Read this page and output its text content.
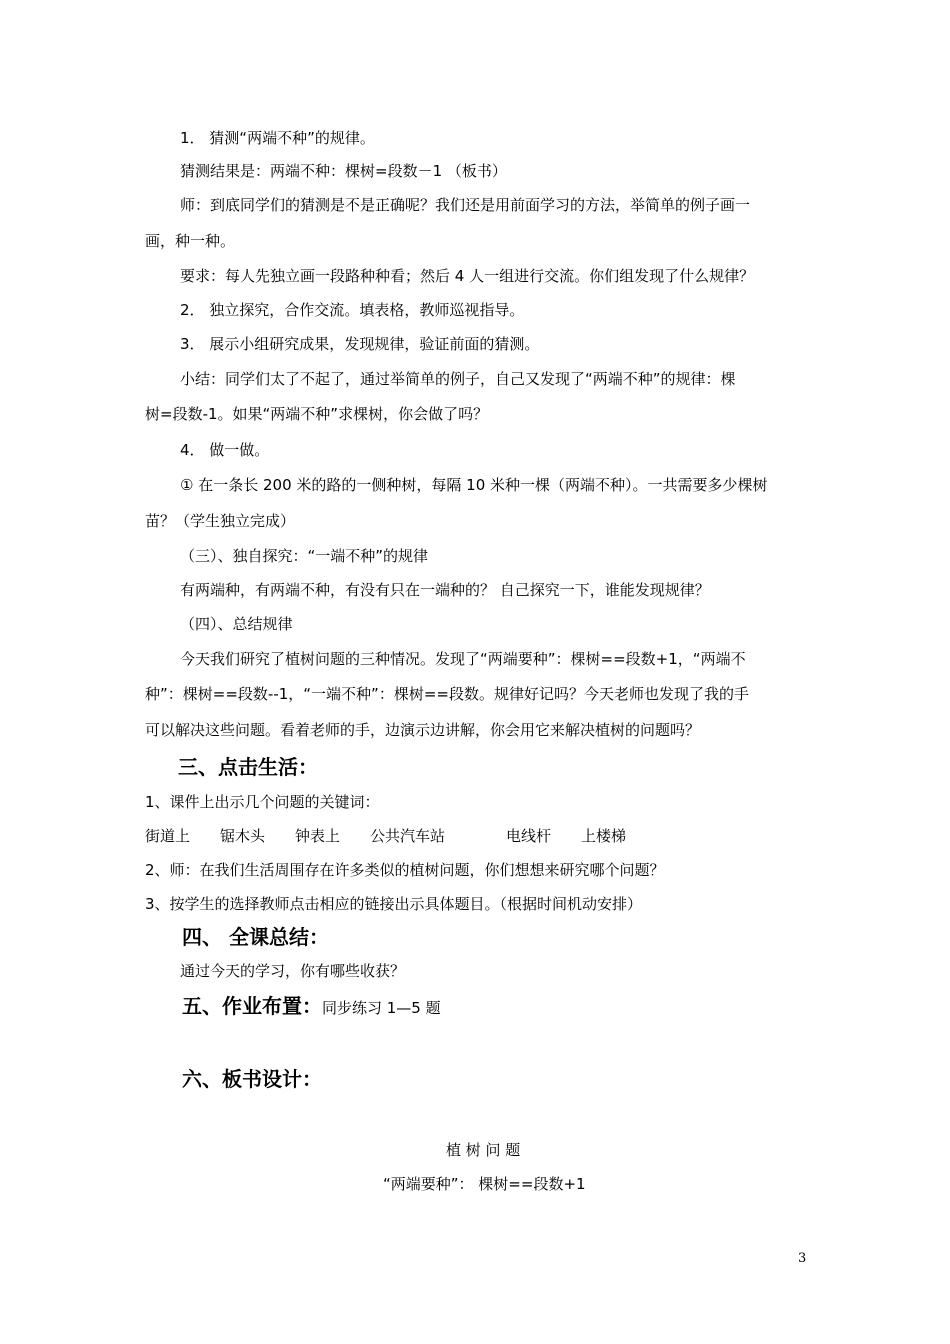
1． 猜测“两端不种”的规律。
猜测结果是：两端不种：棵树=段数－1 （板书）
师：到底同学们的猜测是不是正确呢？我们还是用前面学习的方法，举简单的例子画一
画，种一种。
要求：每人先独立画一段路种种看；然后 4 人一组进行交流。你们组发现了什么规律？
2． 独立探究，合作交流。填表格，教师巡视指导。
3． 展示小组研究成果，发现规律，验证前面的猜测。
小结：同学们太了不起了，通过举简单的例子，自己又发现了“两端不种”的规律：棵
树=段数-1。如果“两端不种”求棵树，你会做了吗？
4． 做一做。
① 在一条长 200 米的路的一侧种树，每隔 10 米种一棵（两端不种）。一共需要多少棵树
苗？（学生独立完成）
（三）、独自探究：“一端不种”的规律
有两端种，有两端不种，有没有只在一端种的？ 自己探究一下，谁能发现规律？
（四）、总结规律
今天我们研究了植树问题的三种情况。发现了“两端要种”：棵树==段数+1，“两端不
种”：棵树==段数--1，“一端不种”：棵树==段数。规律好记吗？今天老师也发现了我的手
可以解决这些问题。看着老师的手，边演示边讲解，你会用它来解决植树的问题吗？
三、点击生活：
1、课件上出示几个问题的关键词：
街道上 锯木头 钟表上 公共汽车站	电线杆 上楼梯
2、师：在我们生活周围存在许多类似的植树问题，你们想想来研究哪个问题？
3、按学生的选择教师点击相应的链接出示具体题目。（根据时间机动安排）
四、 全课总结：
通过今天的学习，你有哪些收获？
五、作业布置：同步练习 1—5 题
六、板书设计：
植 树 问 题
“两端要种”： 棵树==段数+1
3
